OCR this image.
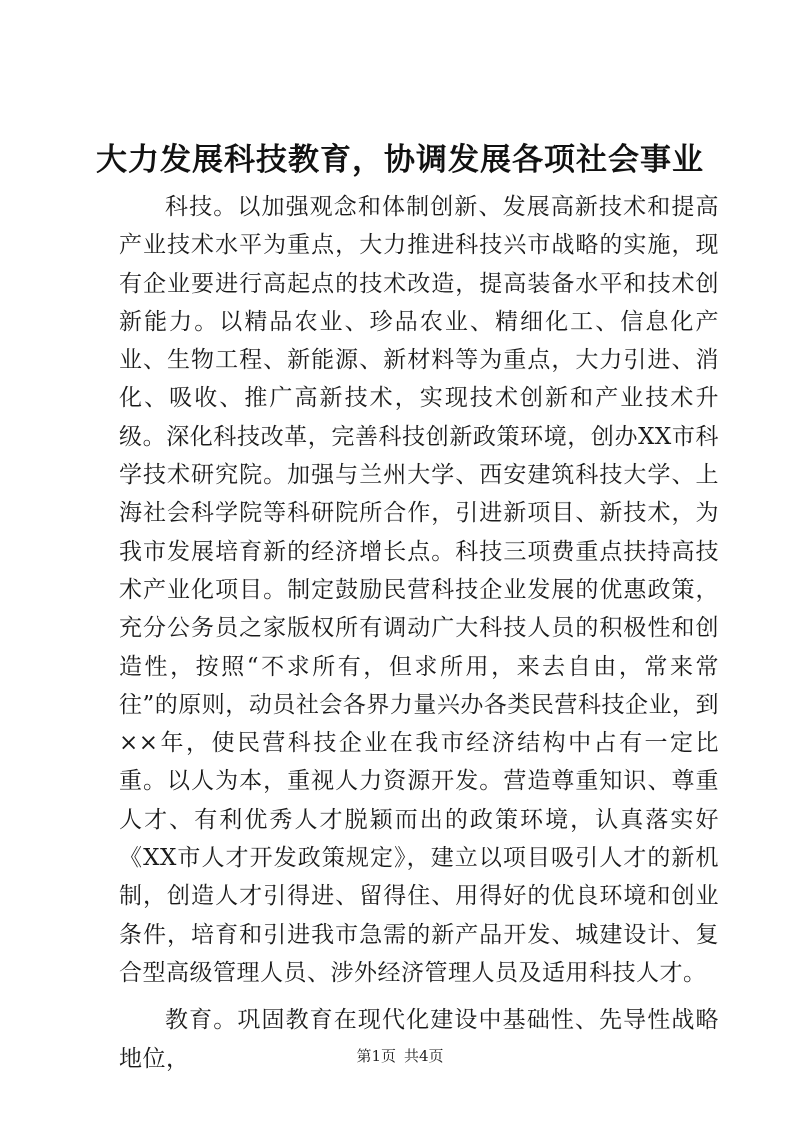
大力发展科技教育，协调发展各项社会事业

科技。以加强观念和体制创新、发展高新技术和提高产业技术水平为重点，大力推进科技兴市战略的实施，现有企业要进行高起点的技术改造，提高装备水平和技术创新能力。以精品农业、珍品农业、精细化工、信息化产业、生物工程、新能源、新材料等为重点，大力引进、消化、吸收、推广高新技术，实现技术创新和产业技术升级。深化科技改革，完善科技创新政策环境，创办XX市科学技术研究院。加强与兰州大学、西安建筑科技大学、上海社会科学院等科研院所合作，引进新项目、新技术，为我市发展培育新的经济增长点。科技三项费重点扶持高技术产业化项目。制定鼓励民营科技企业发展的优惠政策，充分公务员之家版权所有调动广大科技人员的积极性和创造性，按照“不求所有，但求所用，来去自由，常来常往”的原则，动员社会各界力量兴办各类民营科技企业，到××年，使民营科技企业在我市经济结构中占有一定比重。以人为本，重视人力资源开发。营造尊重知识、尊重人才、有利优秀人才脱颖而出的政策环境，认真落实好《XX市人才开发政策规定》，建立以项目吸引人才的新机制，创造人才引得进、留得住、用得好的优良环境和创业条件，培育和引进我市急需的新产品开发、城建设计、复合型高级管理人员、涉外经济管理人员及适用科技人才。

教育。巩固教育在现代化建设中基础性、先导性战略地位，	第1页 共4页
